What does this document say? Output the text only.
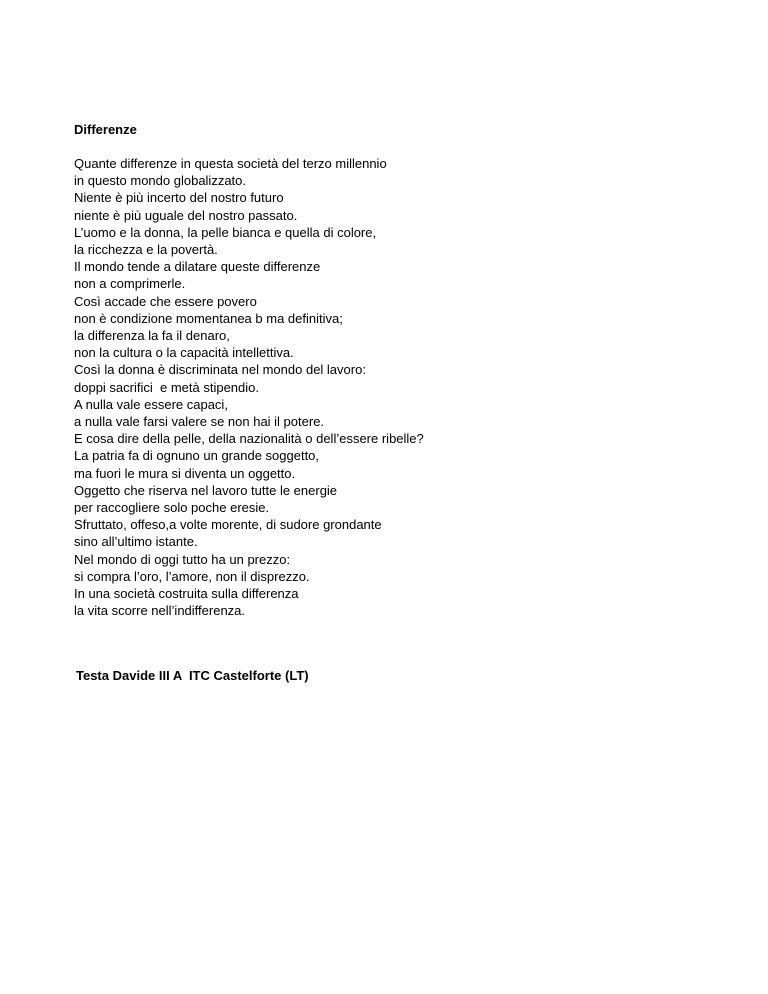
Differenze
Quante differenze in questa società del terzo millennio
in questo mondo globalizzato.
Niente è più incerto del nostro futuro
niente è più uguale del nostro passato.
L’uomo e la donna, la pelle bianca e quella di colore,
la ricchezza e la povertà.
Il mondo tende a dilatare queste differenze
non a comprimerle.
Così accade che essere povero
non è condizione momentanea b ma definitiva;
la differenza la fa il denaro,
non la cultura o la capacità intellettiva.
Così la donna è discriminata nel mondo del lavoro:
doppi sacrifici  e metà stipendio.
A nulla vale essere capaci,
a nulla vale farsi valere se non hai il potere.
E cosa dire della pelle, della nazionalità o dell’essere ribelle?
La patria fa di ognuno un grande soggetto,
ma fuori le mura si diventa un oggetto.
Oggetto che riserva nel lavoro tutte le energie
per raccogliere solo poche eresie.
Sfruttato, offeso,a volte morente, di sudore grondante
sino all’ultimo istante.
Nel mondo di oggi tutto ha un prezzo:
si compra l’oro, l’amore, non il disprezzo.
In una società costruita sulla differenza
la vita scorre nell’indifferenza.
Testa Davide III A  ITC Castelforte (LT)
